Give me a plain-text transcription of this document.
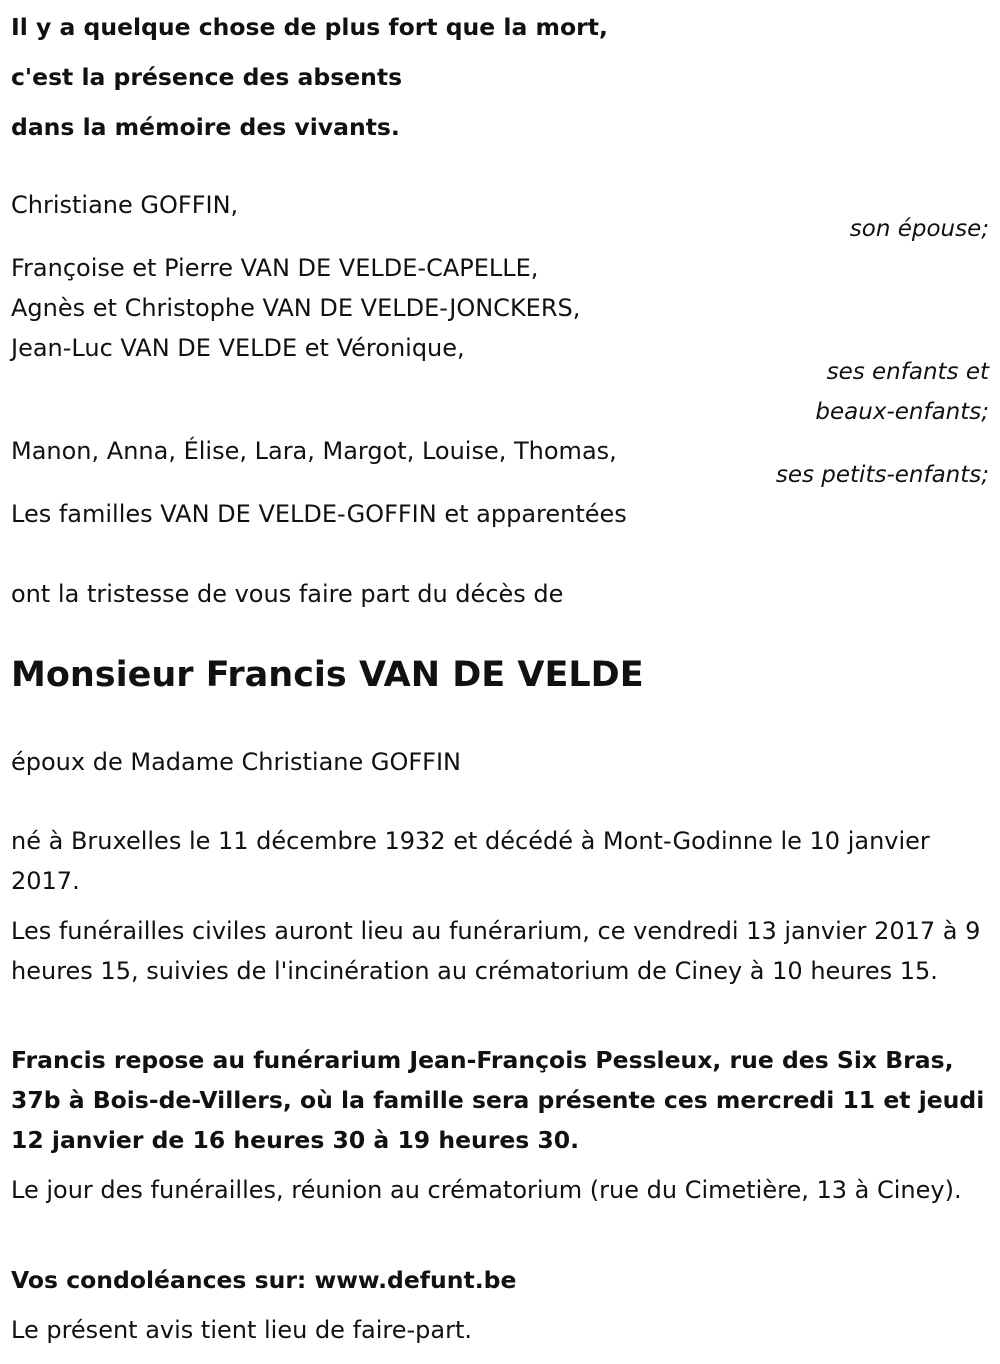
Il y a quelque chose de plus fort que la mort,

c'est la présence des absents

dans la mémoire des vivants.

Christiane GOFFIN,

son épouse;

Françoise et Pierre VAN DE VELDE-CAPELLE,

Agnès et Christophe VAN DE VELDE-JONCKERS,

Jean-Luc VAN DE VELDE et Véronique,

ses enfants et

beaux-enfants;

Manon, Anna, Élise, Lara, Margot, Louise, Thomas,

ses petits-enfants;

Les familles VAN DE VELDE-GOFFIN et apparentées

ont la tristesse de vous faire part du décès de

Monsieur Francis VAN DE VELDE

époux de Madame Christiane GOFFIN

né à Bruxelles le 11 décembre 1932 et décédé à Mont-Godinne le 10 janvier 2017.

Les funérailles civiles auront lieu au funérarium, ce vendredi 13 janvier 2017 à 9 heures 15, suivies de l'incinération au crématorium de Ciney à 10 heures 15.

Francis repose au funérarium Jean-François Pessleux, rue des Six Bras, 37b à Bois-de-Villers, où la famille sera présente ces mercredi 11 et jeudi 12 janvier de 16 heures 30 à 19 heures 30.

Le jour des funérailles, réunion au crématorium (rue du Cimetière, 13 à Ciney).

Vos condoléances sur: www.defunt.be

Le présent avis tient lieu de faire-part.
